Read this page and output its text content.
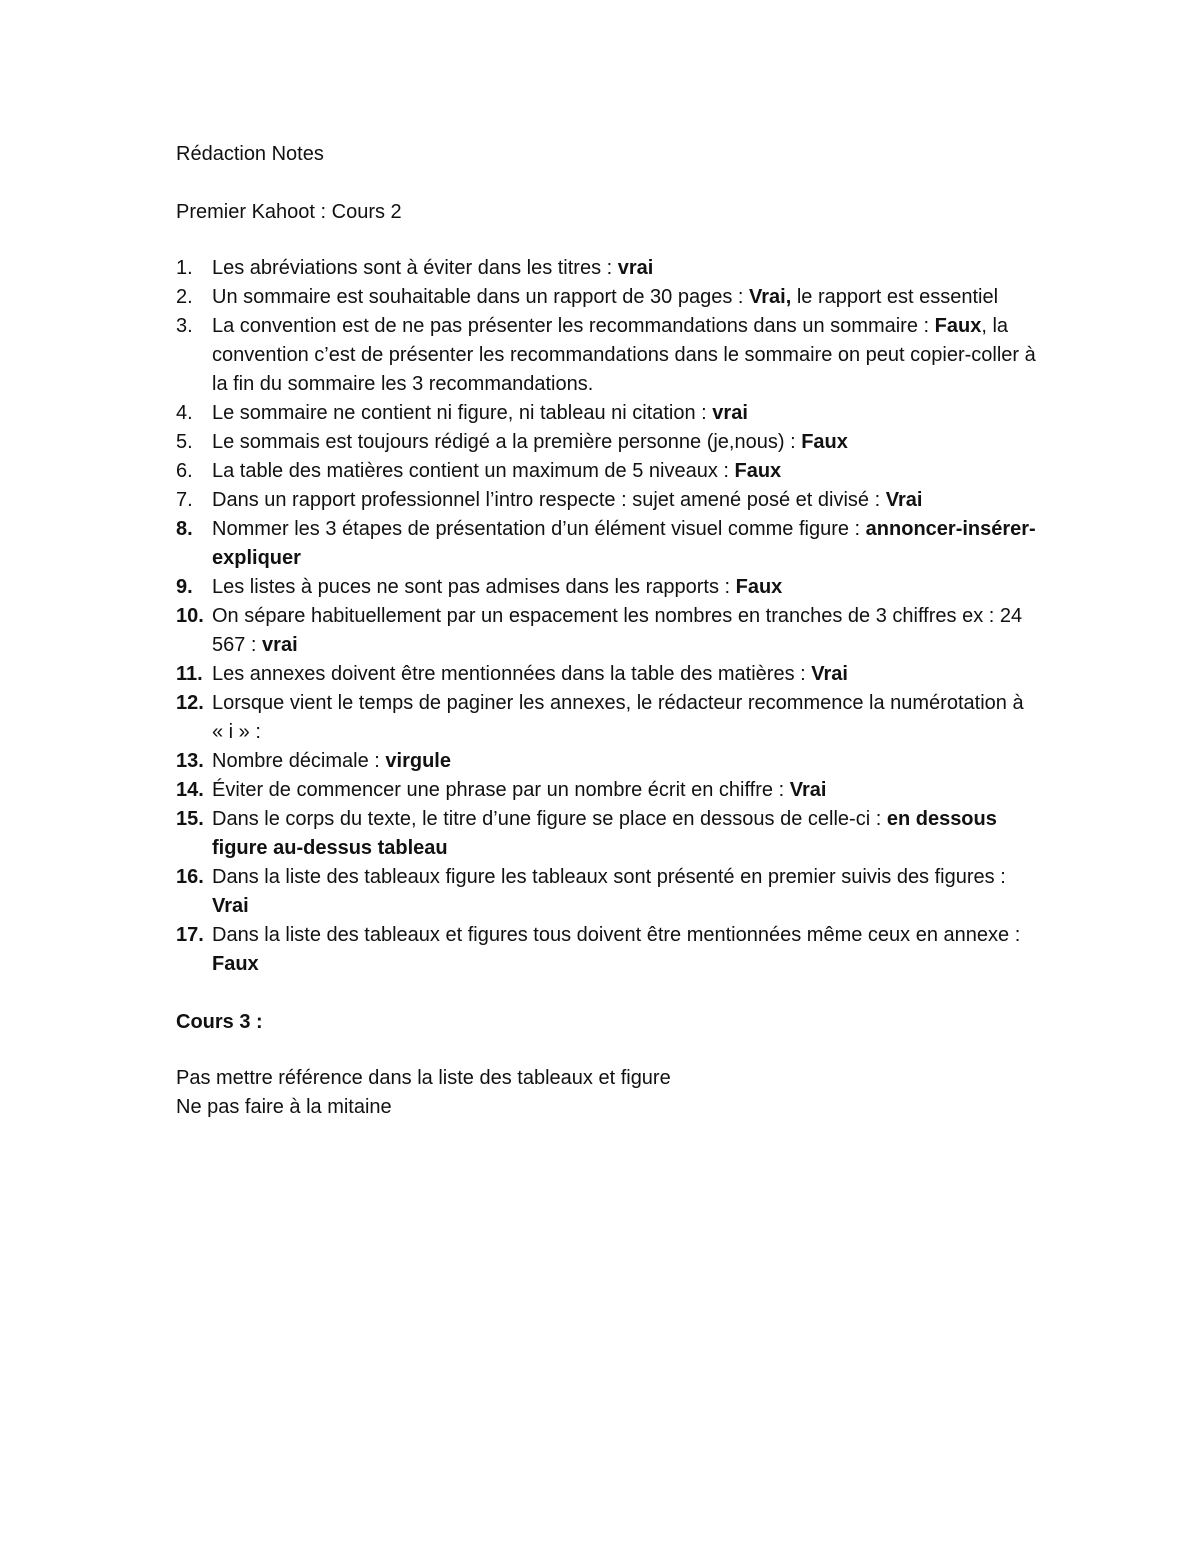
Rédaction Notes

Premier Kahoot : Cours 2

1. Les abréviations sont à éviter dans les titres : vrai
2. Un sommaire est souhaitable dans un rapport de 30 pages : Vrai, le rapport est essentiel
3. La convention est de ne pas présenter les recommandations dans un sommaire : Faux, la convention c’est de présenter les recommandations dans le sommaire on peut copier-coller à la fin du sommaire les 3 recommandations.
4. Le sommaire ne contient ni figure, ni tableau ni citation : vrai
5. Le sommais est toujours rédigé a la première personne (je,nous) : Faux
6. La table des matières contient un maximum de 5 niveaux : Faux
7. Dans un rapport professionnel l’intro respecte : sujet amené posé et divisé : Vrai
8. Nommer les 3 étapes de présentation d’un élément visuel comme figure : annoncer-insérer-expliquer
9. Les listes à puces ne sont pas admises dans les rapports : Faux
10. On sépare habituellement par un espacement les nombres en tranches de 3 chiffres ex : 24 567 : vrai
11. Les annexes doivent être mentionnées dans la table des matières : Vrai
12. Lorsque vient le temps de paginer les annexes, le rédacteur recommence la numérotation à « i » :
13. Nombre décimale : virgule
14. Éviter de commencer une phrase par un nombre écrit en chiffre : Vrai
15. Dans le corps du texte, le titre d’une figure se place en dessous de celle-ci : en dessous figure au-dessus tableau
16. Dans la liste des tableaux figure les tableaux sont présenté en premier suivis des figures : Vrai
17. Dans la liste des tableaux et figures tous doivent être mentionnées même ceux en annexe : Faux

Cours 3 :

Pas mettre référence dans la liste des tableaux et figure

Ne pas faire à la mitaine
